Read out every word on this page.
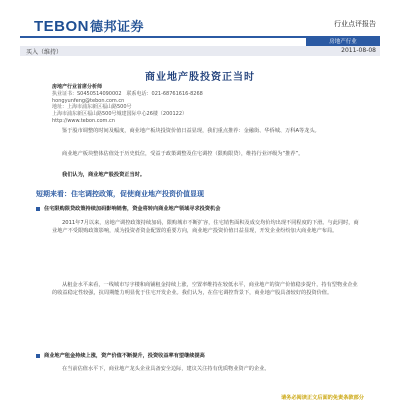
TEBON德邦证券	行业点评报告
房地产行业
买入（维持）	2011-08-08
商业地产股投资正当时
房地产行业首席分析师
执业证书：S0450514090002　联系电话：021-68761616-8268
hongyunfeng@tebon.com.cn
地址：上海市浦东新区福山路500号
上海市浦东新区福山路500号城建国际中心26楼（200122）
http://www.tebon.com.cn
鉴于股市调整的时间及幅度，商业地产板块投资价值日益显现，我们重点推荐：金融街、华侨城、万科A等龙头。
商业地产板块整体估值处于历史低位，受益于政策调整及住宅调控（限购限贷），维持行业评级为“推荐”。
我们认为，商业地产股投资正当时。
短期来看：住宅调控政策，促使商业地产投资价值显现
住宅限购限贷政策持续加码影响销售，资金将转向商业地产领域寻求投资机会
2011年7月以来，房地产调控政策持续加码，限购城市不断扩容，住宅销售面积及成交均价均出现不同程度的下滑。与此同时，商业地产不受限购政策影响，成为投资者资金配置的重要方向，商业地产投资价值日益显现，开发企业纷纷加大商业地产布局。
从租金水平来看，一线城市写字楼和商铺租金持续上涨，空置率维持在较低水平，商业地产的资产价值稳步提升，持有型物业企业的收益稳定性较强，抗周期能力明显优于住宅开发企业。我们认为，在住宅调控背景下，商业地产股具备较好的投资价值。
商业地产租金持续上涨，资产价值不断提升，投资收益率有望继续提高
在当前估值水平下，商业地产龙头企业具备安全边际，建议关注持有优质物业资产的企业。
请务必阅读正文后面的免责条款部分
